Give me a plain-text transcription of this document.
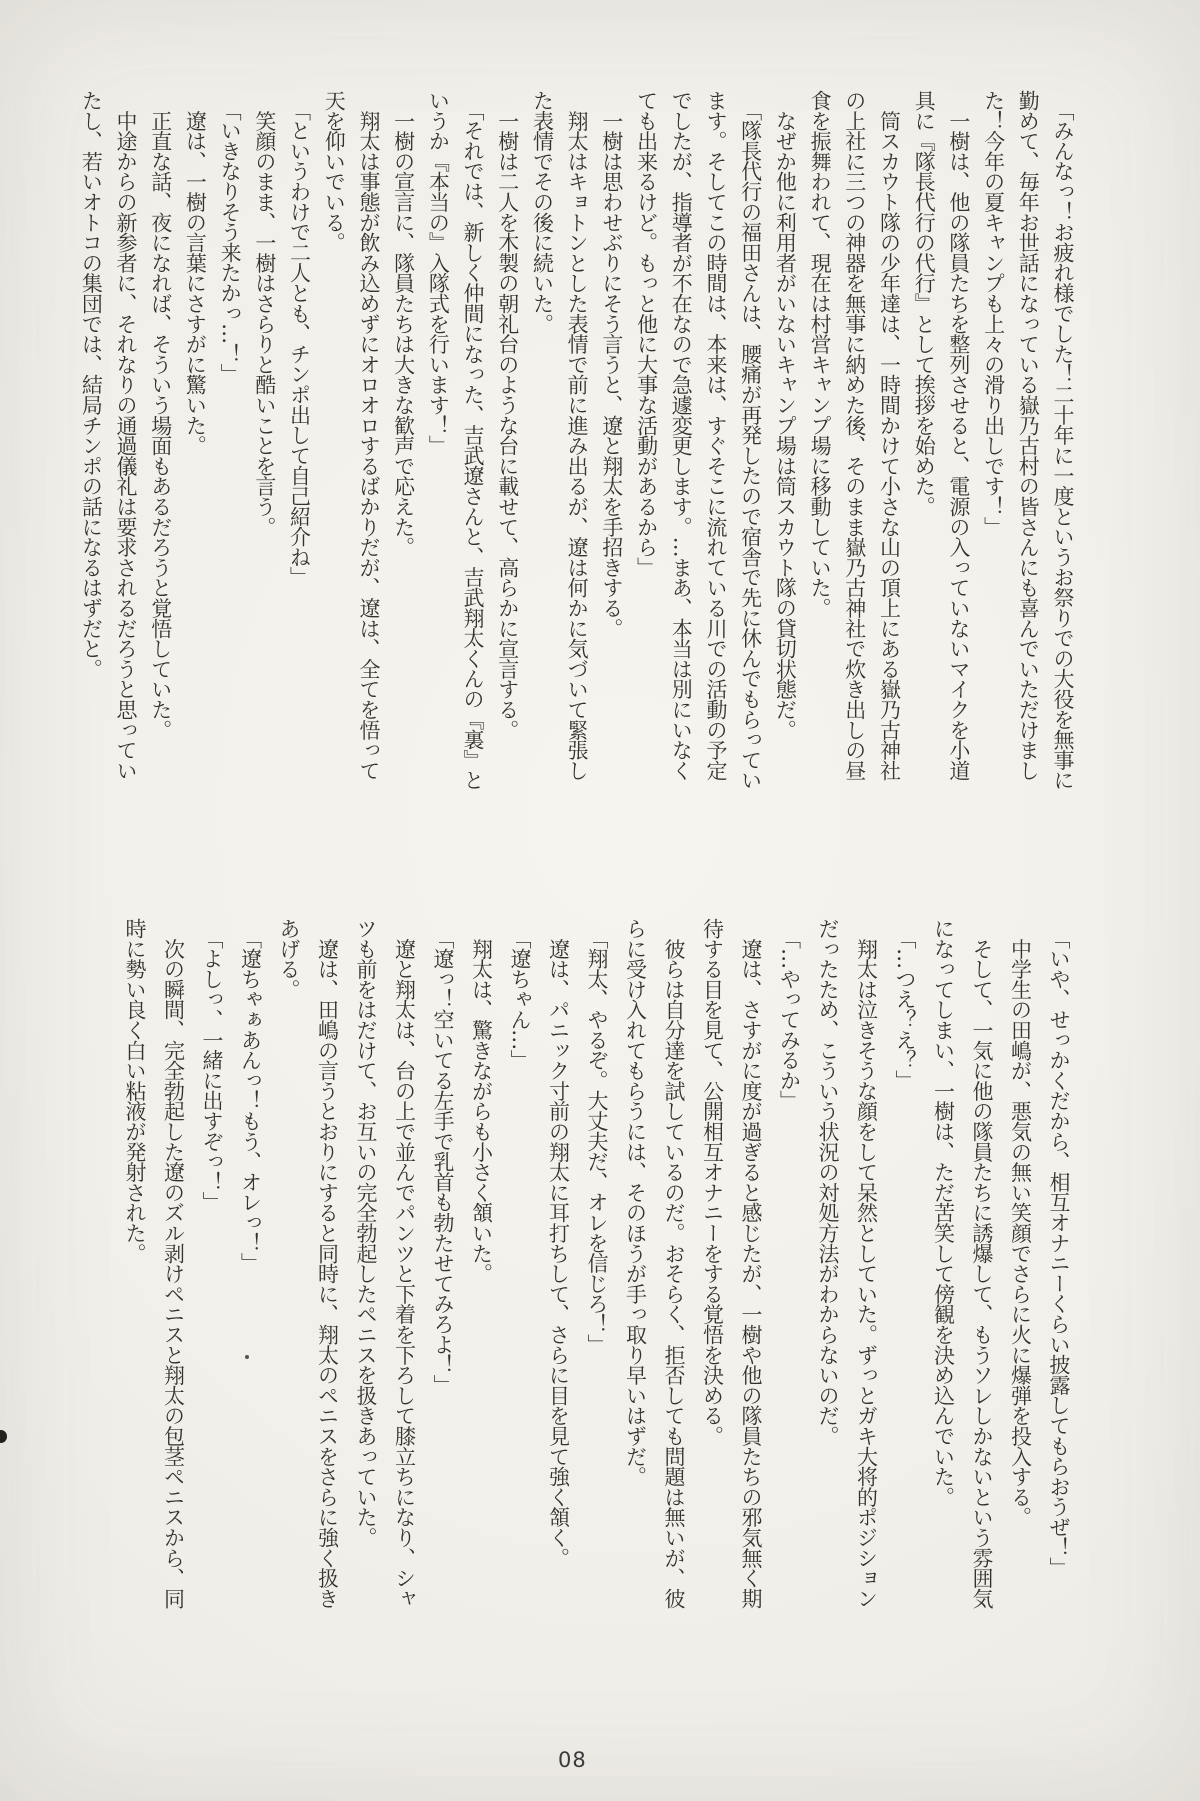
　「みんなっ！お疲れ様でした！二十年に一度というお祭りでの大役を無事に
勤めて、毎年お世話になっている嶽乃古村の皆さんにも喜んでいただけまし
た！今年の夏キャンプも上々の滑り出しです！」
　一樹は、他の隊員たちを整列させると、電源の入っていないマイクを小道
具に『隊長代行の代行』として挨拶を始めた。
　筒スカウト隊の少年達は、一時間かけて小さな山の頂上にある嶽乃古神社
の上社に三つの神器を無事に納めた後、そのまま嶽乃古神社で炊き出しの昼
食を振舞われて、現在は村営キャンプ場に移動していた。
　なぜか他に利用者がいないキャンプ場は筒スカウト隊の貸切状態だ。
　「隊長代行の福田さんは、腰痛が再発したので宿舎で先に休んでもらってい
ます。そしてこの時間は、本来は、すぐそこに流れている川での活動の予定
でしたが、指導者が不在なので急遽変更します。…まあ、本当は別にいなく
ても出来るけど。もっと他に大事な活動があるから」
　一樹は思わせぶりにそう言うと、遼と翔太を手招きする。
　翔太はキョトンとした表情で前に進み出るが、遼は何かに気づいて緊張し
た表情でその後に続いた。
　一樹は二人を木製の朝礼台のような台に載せて、高らかに宣言する。
　「それでは、新しく仲間になった、吉武遼さんと、吉武翔太くんの『裏』と
いうか『本当の』入隊式を行います！」
　一樹の宣言に、隊員たちは大きな歓声で応えた。
　翔太は事態が飲み込めずにオロオロするばかりだが、遼は、全てを悟って
天を仰いでいる。
　「というわけで二人とも、チンポ出して自己紹介ね」
　笑顔のまま、一樹はさらりと酷いことを言う。
　「いきなりそう来たかっ…！」
　遼は、一樹の言葉にさすがに驚いた。
　正直な話、夜になれば、そういう場面もあるだろうと覚悟していた。
　中途からの新参者に、それなりの通過儀礼は要求されるだろうと思ってい
たし、若いオトコの集団では、結局チンポの話になるはずだと。
　「いや、せっかくだから、相互オナニーくらい披露してもらおうぜ！」
　中学生の田嶋が、悪気の無い笑顔でさらに火に爆弾を投入する。
　そして、一気に他の隊員たちに誘爆して、もうソレしかないという雰囲気
になってしまい、一樹は、ただ苦笑して傍観を決め込んでいた。
　「…つえ？え？」
　翔太は泣きそうな顔をして呆然としていた。ずっとガキ大将的ポジション
だったため、こういう状況の対処方法がわからないのだ。
　「…やってみるか」
　遼は、さすがに度が過ぎると感じたが、一樹や他の隊員たちの邪気無く期
待する目を見て、公開相互オナニーをする覚悟を決める。
　彼らは自分達を試しているのだ。おそらく、拒否しても問題は無いが、彼
らに受け入れてもらうには、そのほうが手っ取り早いはずだ。
　「翔太、やるぞ。大丈夫だ、オレを信じろ！」
　遼は、パニック寸前の翔太に耳打ちして、さらに目を見て強く頷く。
　「遼ちゃん…」
　翔太は、驚きながらも小さく頷いた。
　「遼っ！空いてる左手で乳首も勃たせてみろよ！」
　遼と翔太は、台の上で並んでパンツと下着を下ろして膝立ちになり、シャ
ツも前をはだけて、お互いの完全勃起したペニスを扱きあっていた。
　遼は、田嶋の言うとおりにすると同時に、翔太のペニスをさらに強く扱き
あげる。
　「遼ちゃぁあんっ！もう、オレっ！」
　「よしっ、一緒に出すぞっ！」
　次の瞬間、完全勃起した遼のズル剥けペニスと翔太の包茎ペニスから、同
時に勢い良く白い粘液が発射された。
08
